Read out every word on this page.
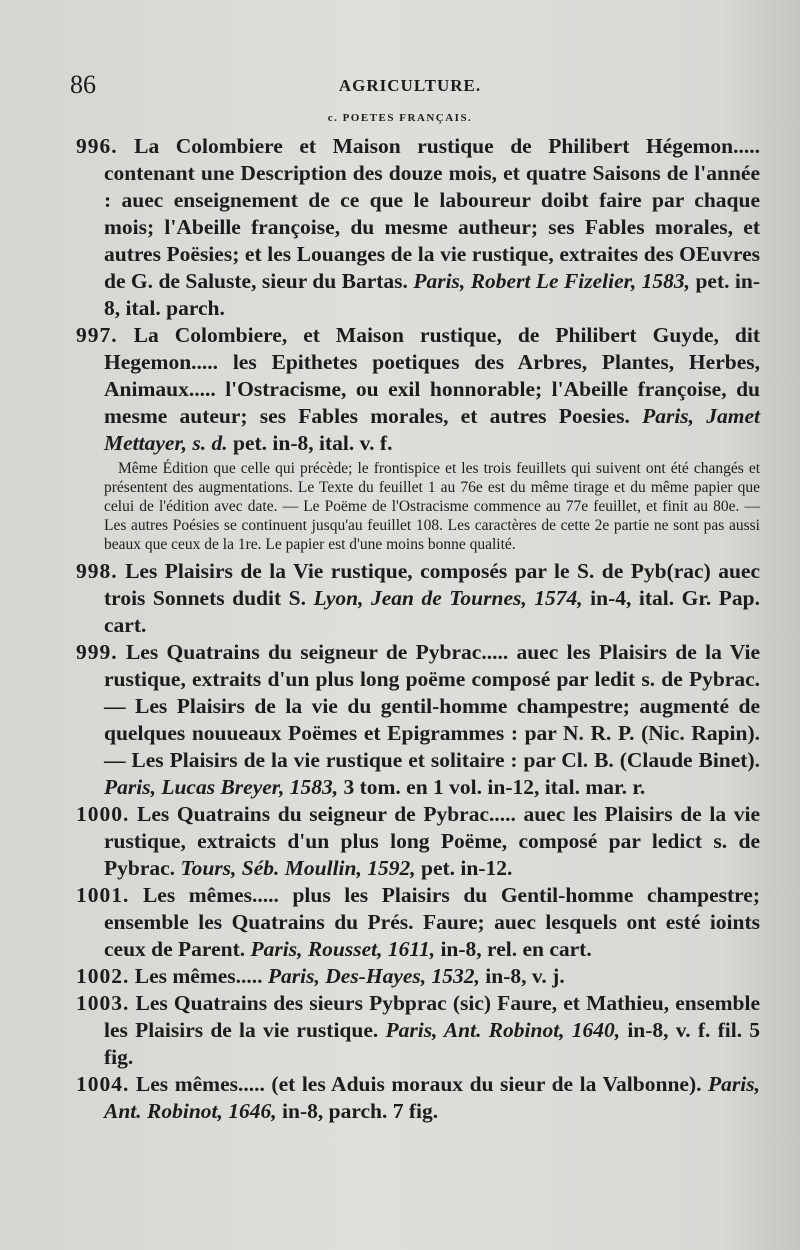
86	AGRICULTURE.
c. POETES FRANÇAIS.

996. La Colombiere et Maison rustique de Philibert Hégemon..... contenant une Description des douze mois, et quatre Saisons de l'année : auec enseignement de ce que le laboureur doibt faire par chaque mois; l'Abeille françoise, du mesme autheur; ses Fables morales, et autres Poësies; et les Louanges de la vie rustique, extraites des OEuvres de G. de Saluste, sieur du Bartas. Paris, Robert Le Fizelier, 1583, pet. in-8, ital. parch.

997. La Colombiere, et Maison rustique, de Philibert Guyde, dit Hegemon..... les Epithetes poetiques des Arbres, Plantes, Herbes, Animaux..... l'Ostracisme, ou exil honnorable; l'Abeille françoise, du mesme auteur; ses Fables morales, et autres Poesies. Paris, Jamet Mettayer, s. d. pet. in-8, ital. v. f.

Même Édition que celle qui précède; le frontispice et les trois feuillets qui suivent ont été changés et présentent des augmentations. Le Texte du feuillet 1 au 76e est du même tirage et du même papier que celui de l'édition avec date. — Le Poëme de l'Ostracisme commence au 77e feuillet, et finit au 80e. — Les autres Poésies se continuent jusqu'au feuillet 108. Les caractères de cette 2e partie ne sont pas aussi beaux que ceux de la 1re. Le papier est d'une moins bonne qualité.

998. Les Plaisirs de la Vie rustique, composés par le S. de Pyb(rac) auec trois Sonnets dudit S. Lyon, Jean de Tournes, 1574, in-4, ital. Gr. Pap. cart.

999. Les Quatrains du seigneur de Pybrac..... auec les Plaisirs de la Vie rustique, extraits d'un plus long poëme composé par ledit s. de Pybrac. — Les Plaisirs de la vie du gentil-homme champestre; augmenté de quelques nouueaux Poëmes et Epigrammes : par N. R. P. (Nic. Rapin). — Les Plaisirs de la vie rustique et solitaire : par Cl. B. (Claude Binet). Paris, Lucas Breyer, 1583, 3 tom. en 1 vol. in-12, ital. mar. r.

1000. Les Quatrains du seigneur de Pybrac..... auec les Plaisirs de la vie rustique, extraicts d'un plus long Poëme, composé par ledict s. de Pybrac. Tours, Séb. Moullin, 1592, pet. in-12.

1001. Les mêmes..... plus les Plaisirs du Gentil-homme champestre; ensemble les Quatrains du Prés. Faure; auec lesquels ont esté ioints ceux de Parent. Paris, Rousset, 1611, in-8, rel. en cart.

1002. Les mêmes..... Paris, Des-Hayes, 1532, in-8, v. j.

1003. Les Quatrains des sieurs Pybprac (sic) Faure, et Mathieu, ensemble les Plaisirs de la vie rustique. Paris, Ant. Robinot, 1640, in-8, v. f. fil. 5 fig.

1004. Les mêmes..... (et les Aduis moraux du sieur de la Valbonne). Paris, Ant. Robinot, 1646, in-8, parch. 7 fig.
